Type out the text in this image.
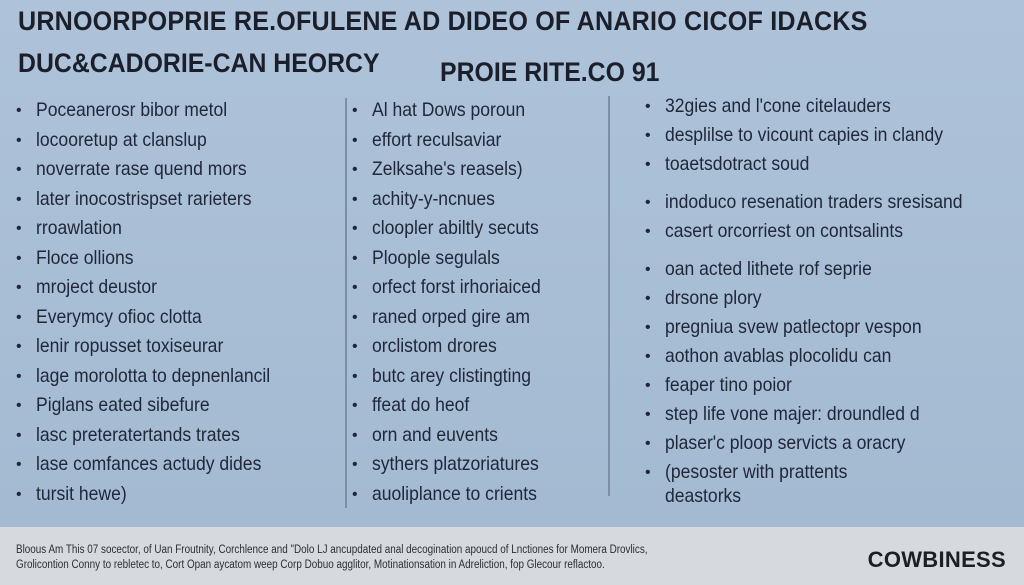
URNOORPOPRIE RE.OFULENE AD DIDEO OF ANARIO CICOF IDACKS
DUC&CADORIE-CAN HEORCY PROIE RITE.CO 91
• Poceanerosr bibor metol
• locooretup at clanslup
• noverrate rase quend mors
• later inocostrispset rarieters
• rroawlation
• Floce ollions
• mroject deustor
• Everymcy ofioc clotta
• lenir ropusset toxiseurar
• lage morolotta to depnenlancil
• Piglans eated sibefure
• lasc preteratertands trates
• lase comfances actudy dides
• tursit hewe)
• Al hat Dows poroun
• effort reculsaviar
• Zelksahe's reasels)
• achity-y-ncnues
• cloopler abiltly secuts
• Ploople segulals
• orfect forst irhoriaiced
• raned orped gire am
• orclistom drores
• butc arey clistingting
• ffeat do heof
• orn and euvents
• sythers platzoriatures
• auoliplance to crients
• 32gies and l'cone citelauders
• desplilse to vicount capies in clandy
• toaetsdotract soud
• indoduco resenation traders sresisand
• casert orcorriest on contsalints
• oan acted lithete rof seprie
• drsone plory
• pregniua svew patlectopr vespon
• aothon avablas plocolidu can
• feaper tino poior
• step life vone majer: droundled d
• plaser'c ploop servicts a oracry
• (pesoster with prattents
deastorks
Bloous Am This 07 socector, of Uan Froutnity, Corchlence and "Dolo LJ ancupdated anal decogination apoucd of Lnctiones for Momera Drovlics,
Grolicontion Conny to rebletec to, Cort Opan aycatom weep Corp Dobuo agglitor, Motinationsation in Adreliction, fop Glecour reflactoo.	COWBINESS
